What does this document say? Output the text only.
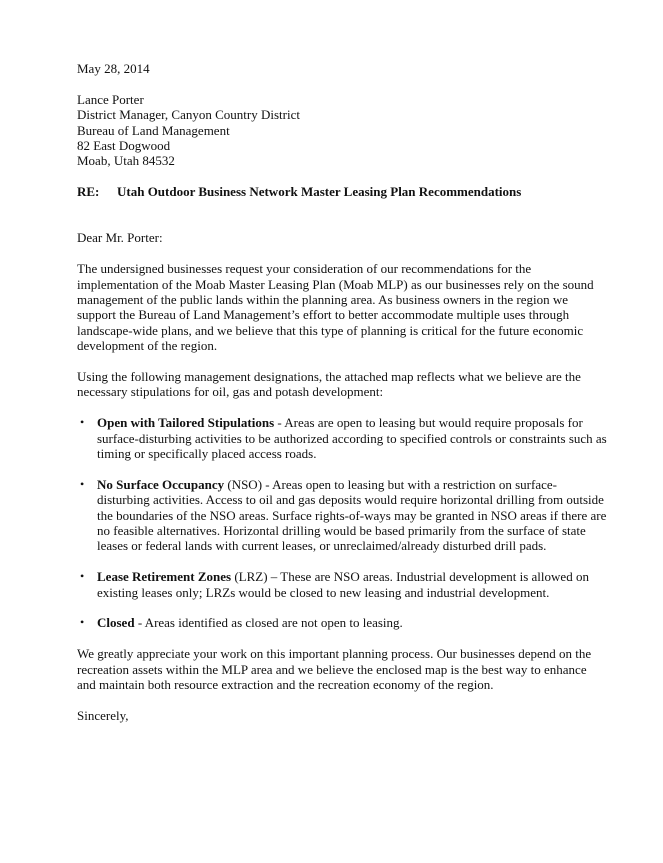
May 28, 2014
Lance Porter
District Manager, Canyon Country District
Bureau of Land Management
82 East Dogwood
Moab, Utah 84532
RE: Utah Outdoor Business Network Master Leasing Plan Recommendations
Dear Mr. Porter:
The undersigned businesses request your consideration of our recommendations for the implementation of the Moab Master Leasing Plan (Moab MLP) as our businesses rely on the sound management of the public lands within the planning area. As business owners in the region we support the Bureau of Land Management’s effort to better accommodate multiple uses through landscape-wide plans, and we believe that this type of planning is critical for the future economic development of the region.
Using the following management designations, the attached map reflects what we believe are the necessary stipulations for oil, gas and potash development:
• Open with Tailored Stipulations - Areas are open to leasing but would require proposals for surface-disturbing activities to be authorized according to specified controls or constraints such as timing or specifically placed access roads.
• No Surface Occupancy (NSO) - Areas open to leasing but with a restriction on surface-disturbing activities. Access to oil and gas deposits would require horizontal drilling from outside the boundaries of the NSO areas. Surface rights-of-ways may be granted in NSO areas if there are no feasible alternatives. Horizontal drilling would be based primarily from the surface of state leases or federal lands with current leases, or unreclaimed/already disturbed drill pads.
• Lease Retirement Zones (LRZ) – These are NSO areas. Industrial development is allowed on existing leases only; LRZs would be closed to new leasing and industrial development.
• Closed - Areas identified as closed are not open to leasing.
We greatly appreciate your work on this important planning process. Our businesses depend on the recreation assets within the MLP area and we believe the enclosed map is the best way to enhance and maintain both resource extraction and the recreation economy of the region.
Sincerely,
